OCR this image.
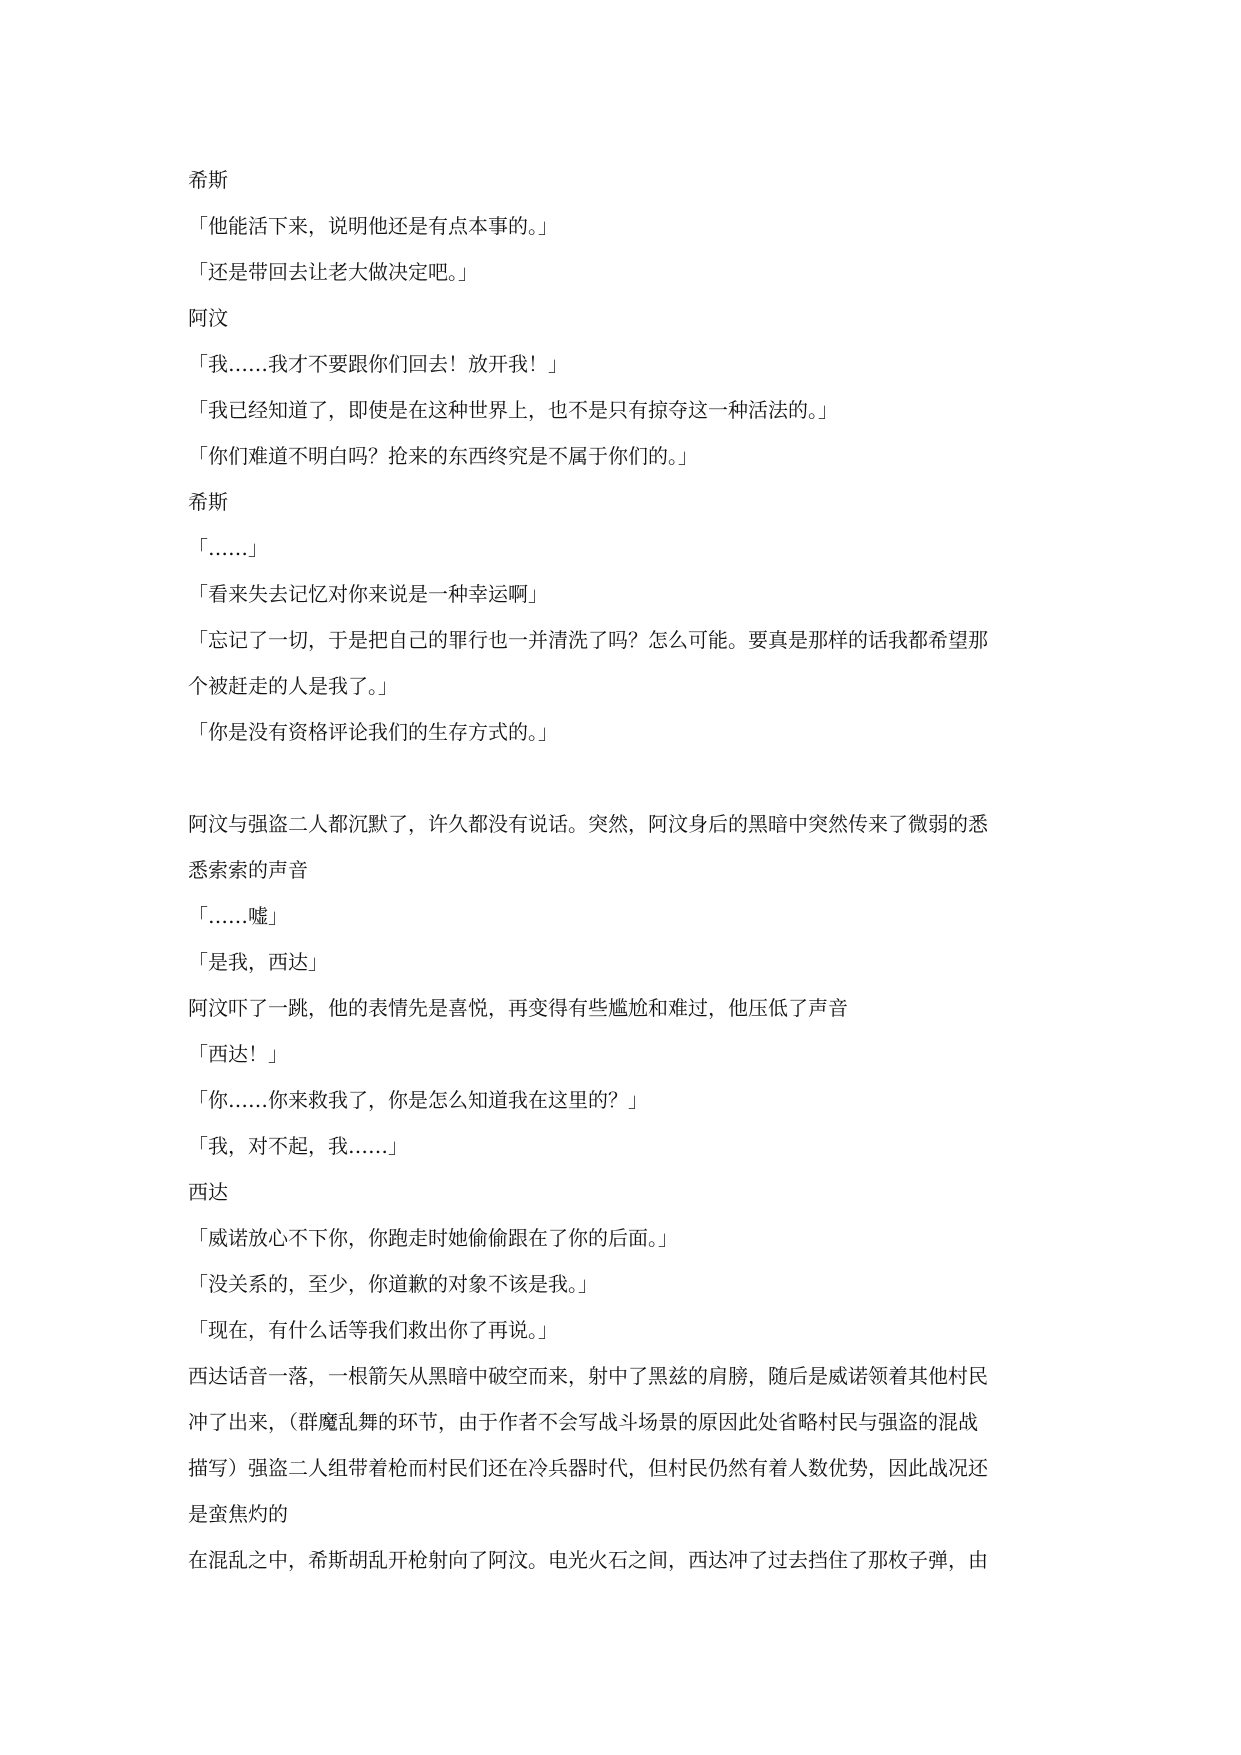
希斯
「他能活下来，说明他还是有点本事的。」
「还是带回去让老大做决定吧。」
阿汶
「我……我才不要跟你们回去！放开我！」
「我已经知道了，即使是在这种世界上，也不是只有掠夺这一种活法的。」
「你们难道不明白吗？抢来的东西终究是不属于你们的。」
希斯
「……」
「看来失去记忆对你来说是一种幸运啊」
「忘记了一切，于是把自己的罪行也一并清洗了吗？怎么可能。要真是那样的话我都希望那
个被赶走的人是我了。」
「你是没有资格评论我们的生存方式的。」
阿汶与强盗二人都沉默了，许久都没有说话。突然，阿汶身后的黑暗中突然传来了微弱的悉
悉索索的声音
「……嘘」
「是我，西达」
阿汶吓了一跳，他的表情先是喜悦，再变得有些尴尬和难过，他压低了声音
「西达！」
「你……你来救我了，你是怎么知道我在这里的？」
「我，对不起，我……」
西达
「威诺放心不下你，你跑走时她偷偷跟在了你的后面。」
「没关系的，至少，你道歉的对象不该是我。」
「现在，有什么话等我们救出你了再说。」
西达话音一落，一根箭矢从黑暗中破空而来，射中了黑兹的肩膀，随后是威诺领着其他村民
冲了出来，（群魔乱舞的环节，由于作者不会写战斗场景的原因此处省略村民与强盗的混战
描写）强盗二人组带着枪而村民们还在冷兵器时代，但村民仍然有着人数优势，因此战况还
是蛮焦灼的
在混乱之中，希斯胡乱开枪射向了阿汶。电光火石之间，西达冲了过去挡住了那枚子弹，由
